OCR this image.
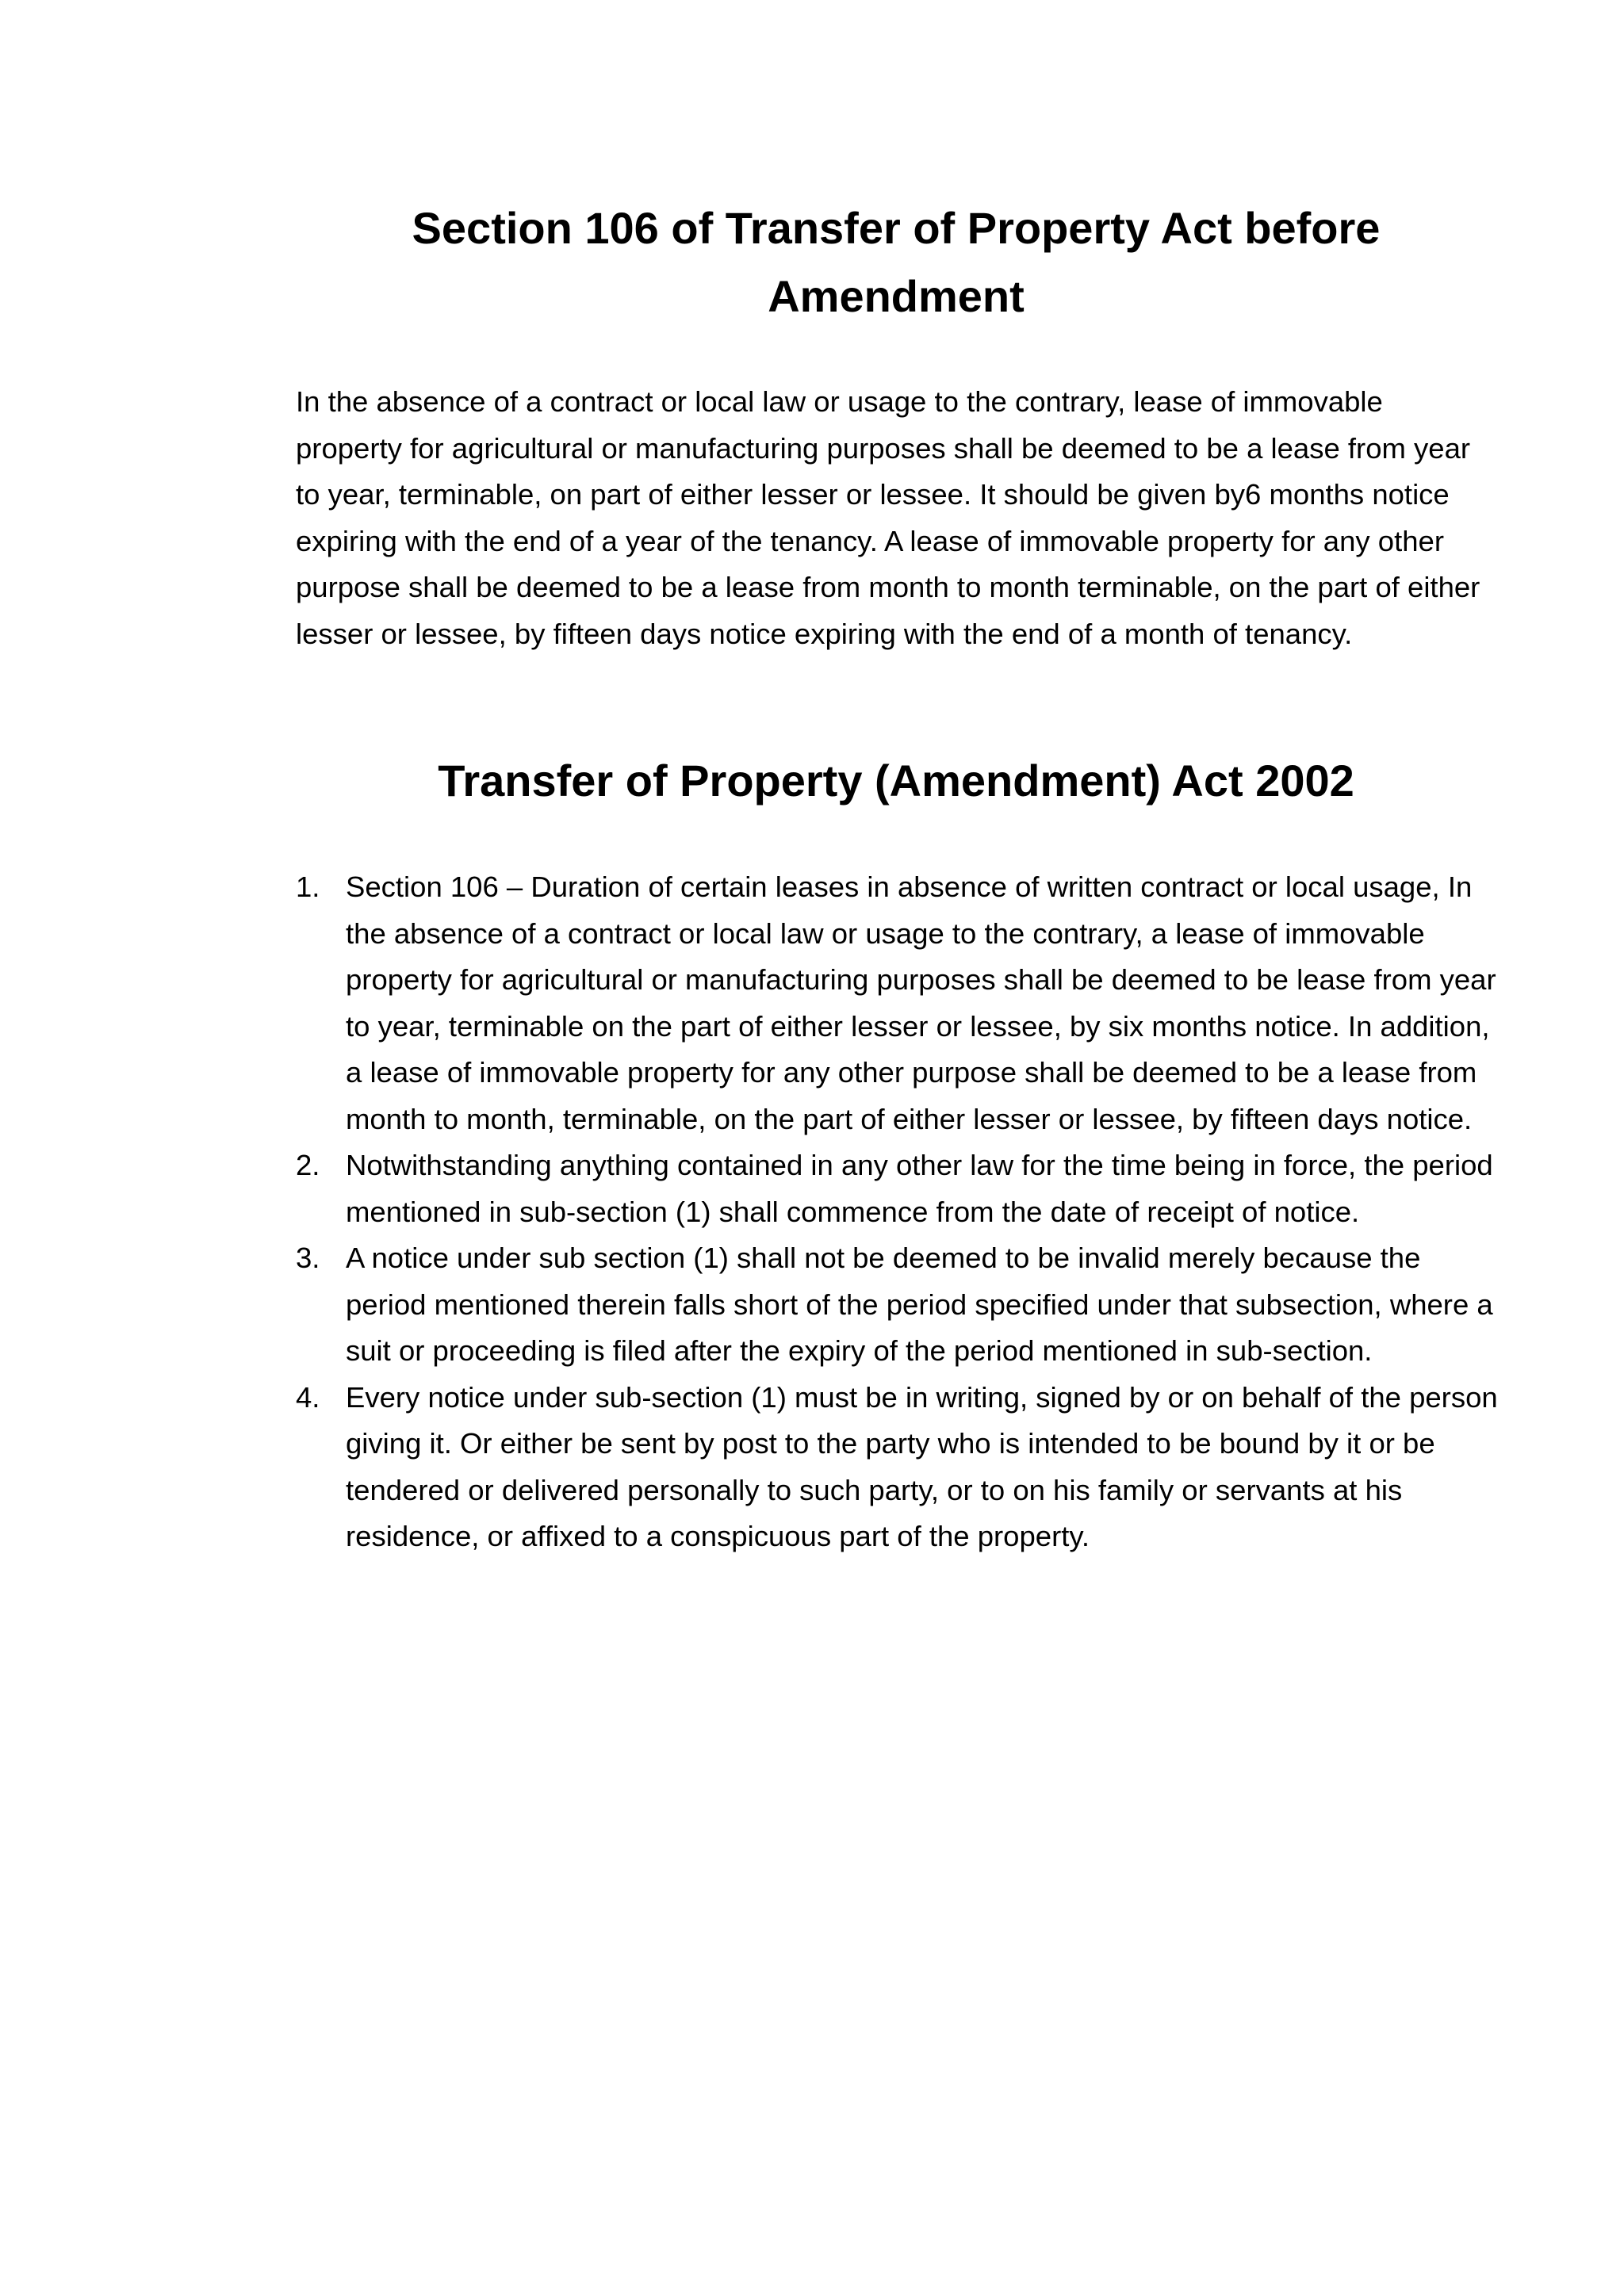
Section 106 of Transfer of Property Act before Amendment

In the absence of a contract or local law or usage to the contrary, lease of immovable property for agricultural or manufacturing purposes shall be deemed to be a lease from year to year, terminable, on part of either lesser or lessee. It should be given by6 months notice expiring with the end of a year of the tenancy. A lease of immovable property for any other purpose shall be deemed to be a lease from month to month terminable, on the part of either lesser or lessee, by fifteen days notice expiring with the end of a month of tenancy.

Transfer of Property (Amendment) Act 2002
1. Section 106 – Duration of certain leases in absence of written contract or local usage, In the absence of a contract or local law or usage to the contrary, a lease of immovable property for agricultural or manufacturing purposes shall be deemed to be lease from year to year, terminable on the part of either lesser or lessee, by six months notice. In addition, a lease of immovable property for any other purpose shall be deemed to be a lease from month to month, terminable, on the part of either lesser or lessee, by fifteen days notice.
2. Notwithstanding anything contained in any other law for the time being in force, the period mentioned in sub-section (1) shall commence from the date of receipt of notice.
3. A notice under sub section (1) shall not be deemed to be invalid merely because the period mentioned therein falls short of the period specified under that subsection, where a suit or proceeding is filed after the expiry of the period mentioned in sub-section.
4. Every notice under sub-section (1) must be in writing, signed by or on behalf of the person giving it. Or either be sent by post to the party who is intended to be bound by it or be tendered or delivered personally to such party, or to on his family or servants at his residence, or affixed to a conspicuous part of the property.
